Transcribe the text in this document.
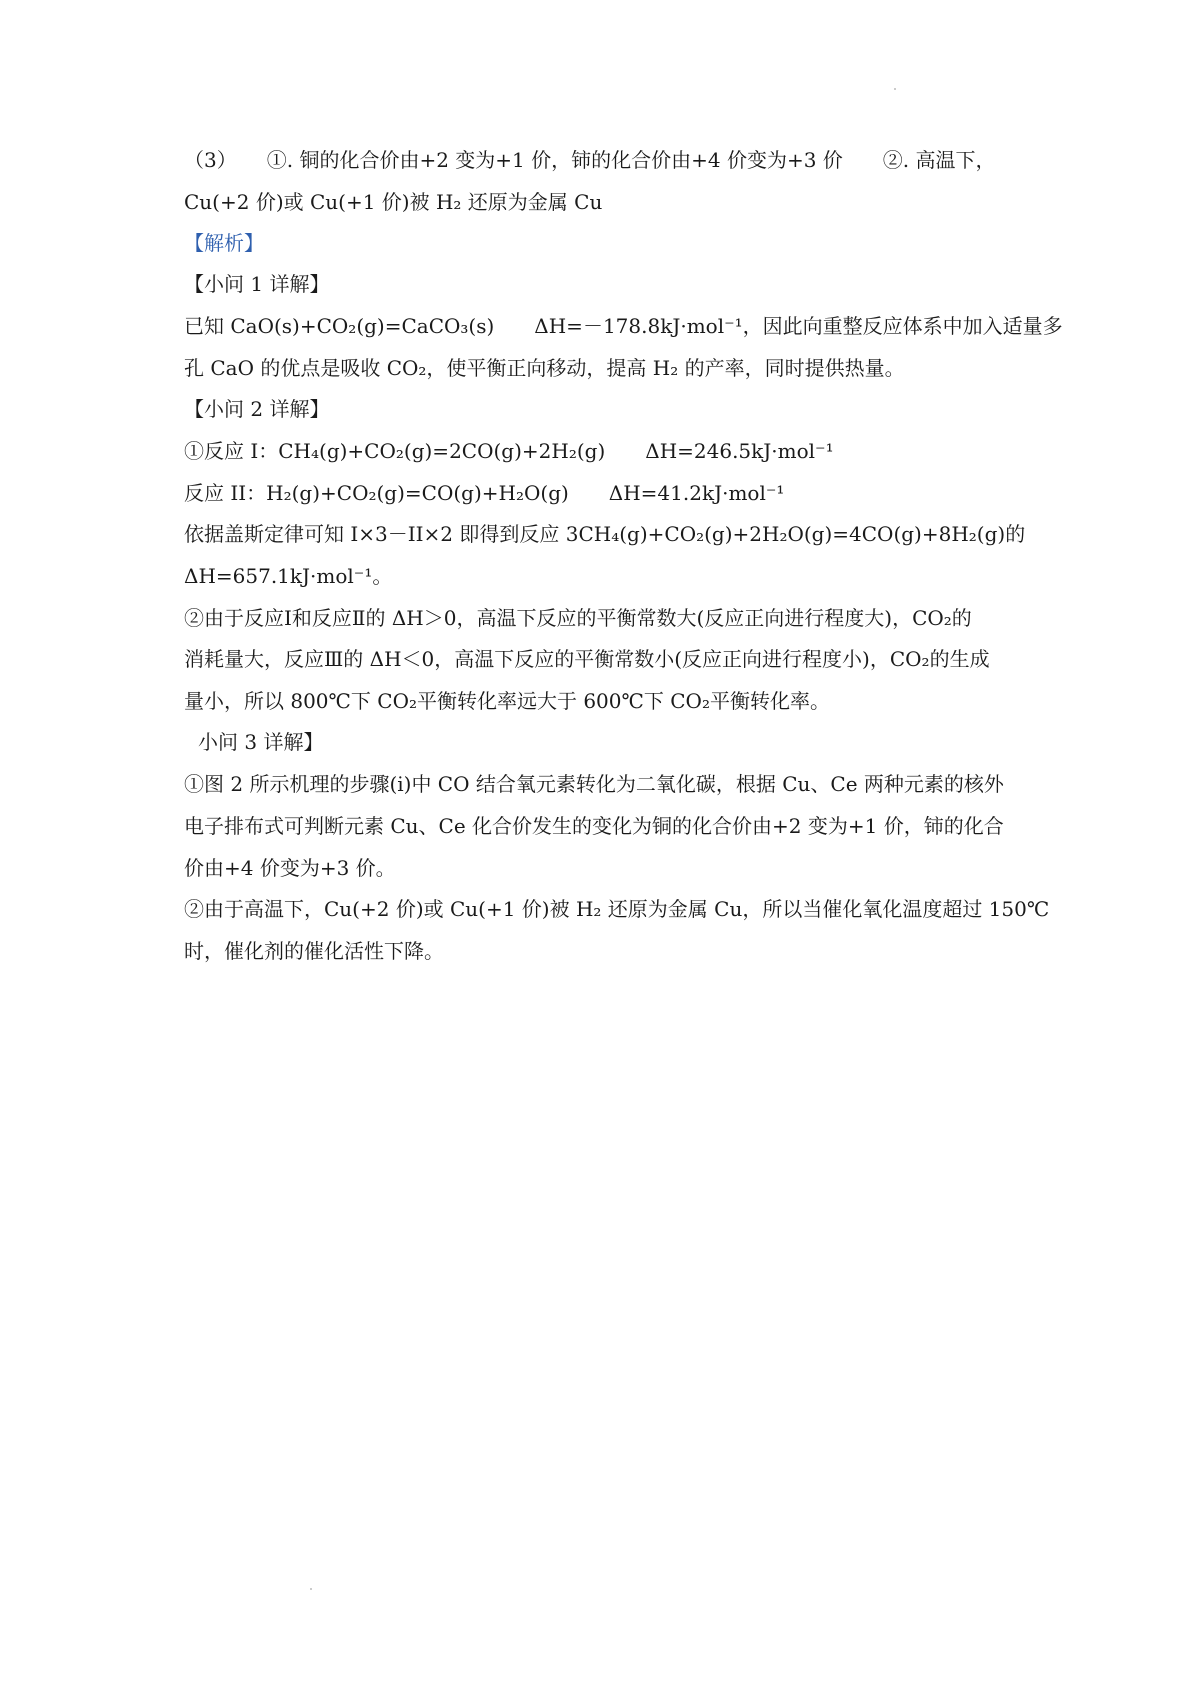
（3）　　①. 铜的化合价由+2 变为+1 价，铈的化合价由+4 价变为+3 价　　②. 高温下，
Cu(+2 价)或 Cu(+1 价)被 H₂ 还原为金属 Cu
【解析】
【小问 1 详解】
已知 CaO(s)+CO₂(g)=CaCO₃(s)　　ΔH=－178.8kJ·mol⁻¹，因此向重整反应体系中加入适量多
孔 CaO 的优点是吸收 CO₂，使平衡正向移动，提高 H₂ 的产率，同时提供热量。
【小问 2 详解】
①反应 I：CH₄(g)+CO₂(g)=2CO(g)+2H₂(g)　　ΔH=246.5kJ·mol⁻¹
反应 II：H₂(g)+CO₂(g)=CO(g)+H₂O(g)　　ΔH=41.2kJ·mol⁻¹
依据盖斯定律可知 I×3－II×2 即得到反应 3CH₄(g)+CO₂(g)+2H₂O(g)=4CO(g)+8H₂(g)的
ΔH=657.1kJ·mol⁻¹。
②由于反应Ⅰ和反应Ⅱ的 ΔH＞0，高温下反应的平衡常数大(反应正向进行程度大)，CO₂的
消耗量大，反应Ⅲ的 ΔH＜0，高温下反应的平衡常数小(反应正向进行程度小)，CO₂的生成
量小，所以 800℃下 CO₂平衡转化率远大于 600℃下 CO₂平衡转化率。
小问 3 详解】
①图 2 所示机理的步骤(i)中 CO 结合氧元素转化为二氧化碳，根据 Cu、Ce 两种元素的核外
电子排布式可判断元素 Cu、Ce 化合价发生的变化为铜的化合价由+2 变为+1 价，铈的化合
价由+4 价变为+3 价。
②由于高温下，Cu(+2 价)或 Cu(+1 价)被 H₂ 还原为金属 Cu，所以当催化氧化温度超过 150℃
时，催化剂的催化活性下降。
